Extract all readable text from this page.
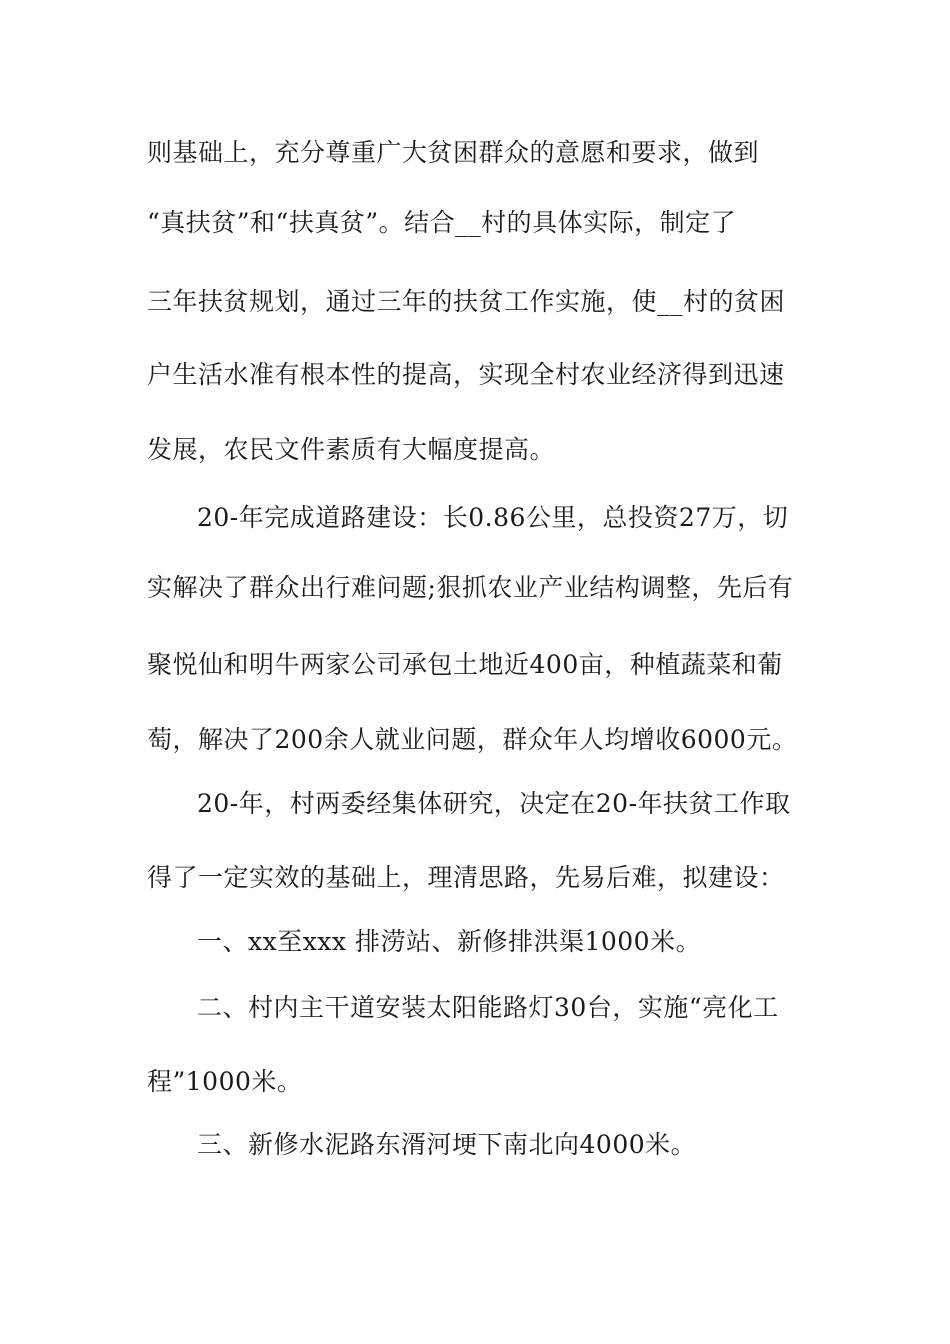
则基础上，充分尊重广大贫困群众的意愿和要求，做到
“真扶贫”和“扶真贫”。结合__村的具体实际，制定了
三年扶贫规划，通过三年的扶贫工作实施，使__村的贫困
户生活水准有根本性的提高，实现全村农业经济得到迅速
发展，农民文件素质有大幅度提高。
20-年完成道路建设：长0.86公里，总投资27万，切
实解决了群众出行难问题;狠抓农业产业结构调整，先后有
聚悦仙和明牛两家公司承包土地近400亩，种植蔬菜和葡
萄，解决了200余人就业问题，群众年人均增收6000元。
20-年，村两委经集体研究，决定在20-年扶贫工作取
得了一定实效的基础上，理清思路，先易后难，拟建设：
一、xx至xxx 排涝站、新修排洪渠1000米。
二、村内主干道安装太阳能路灯30台，实施“亮化工
程”1000米。
三、新修水泥路东湑河埂下南北向4000米。
